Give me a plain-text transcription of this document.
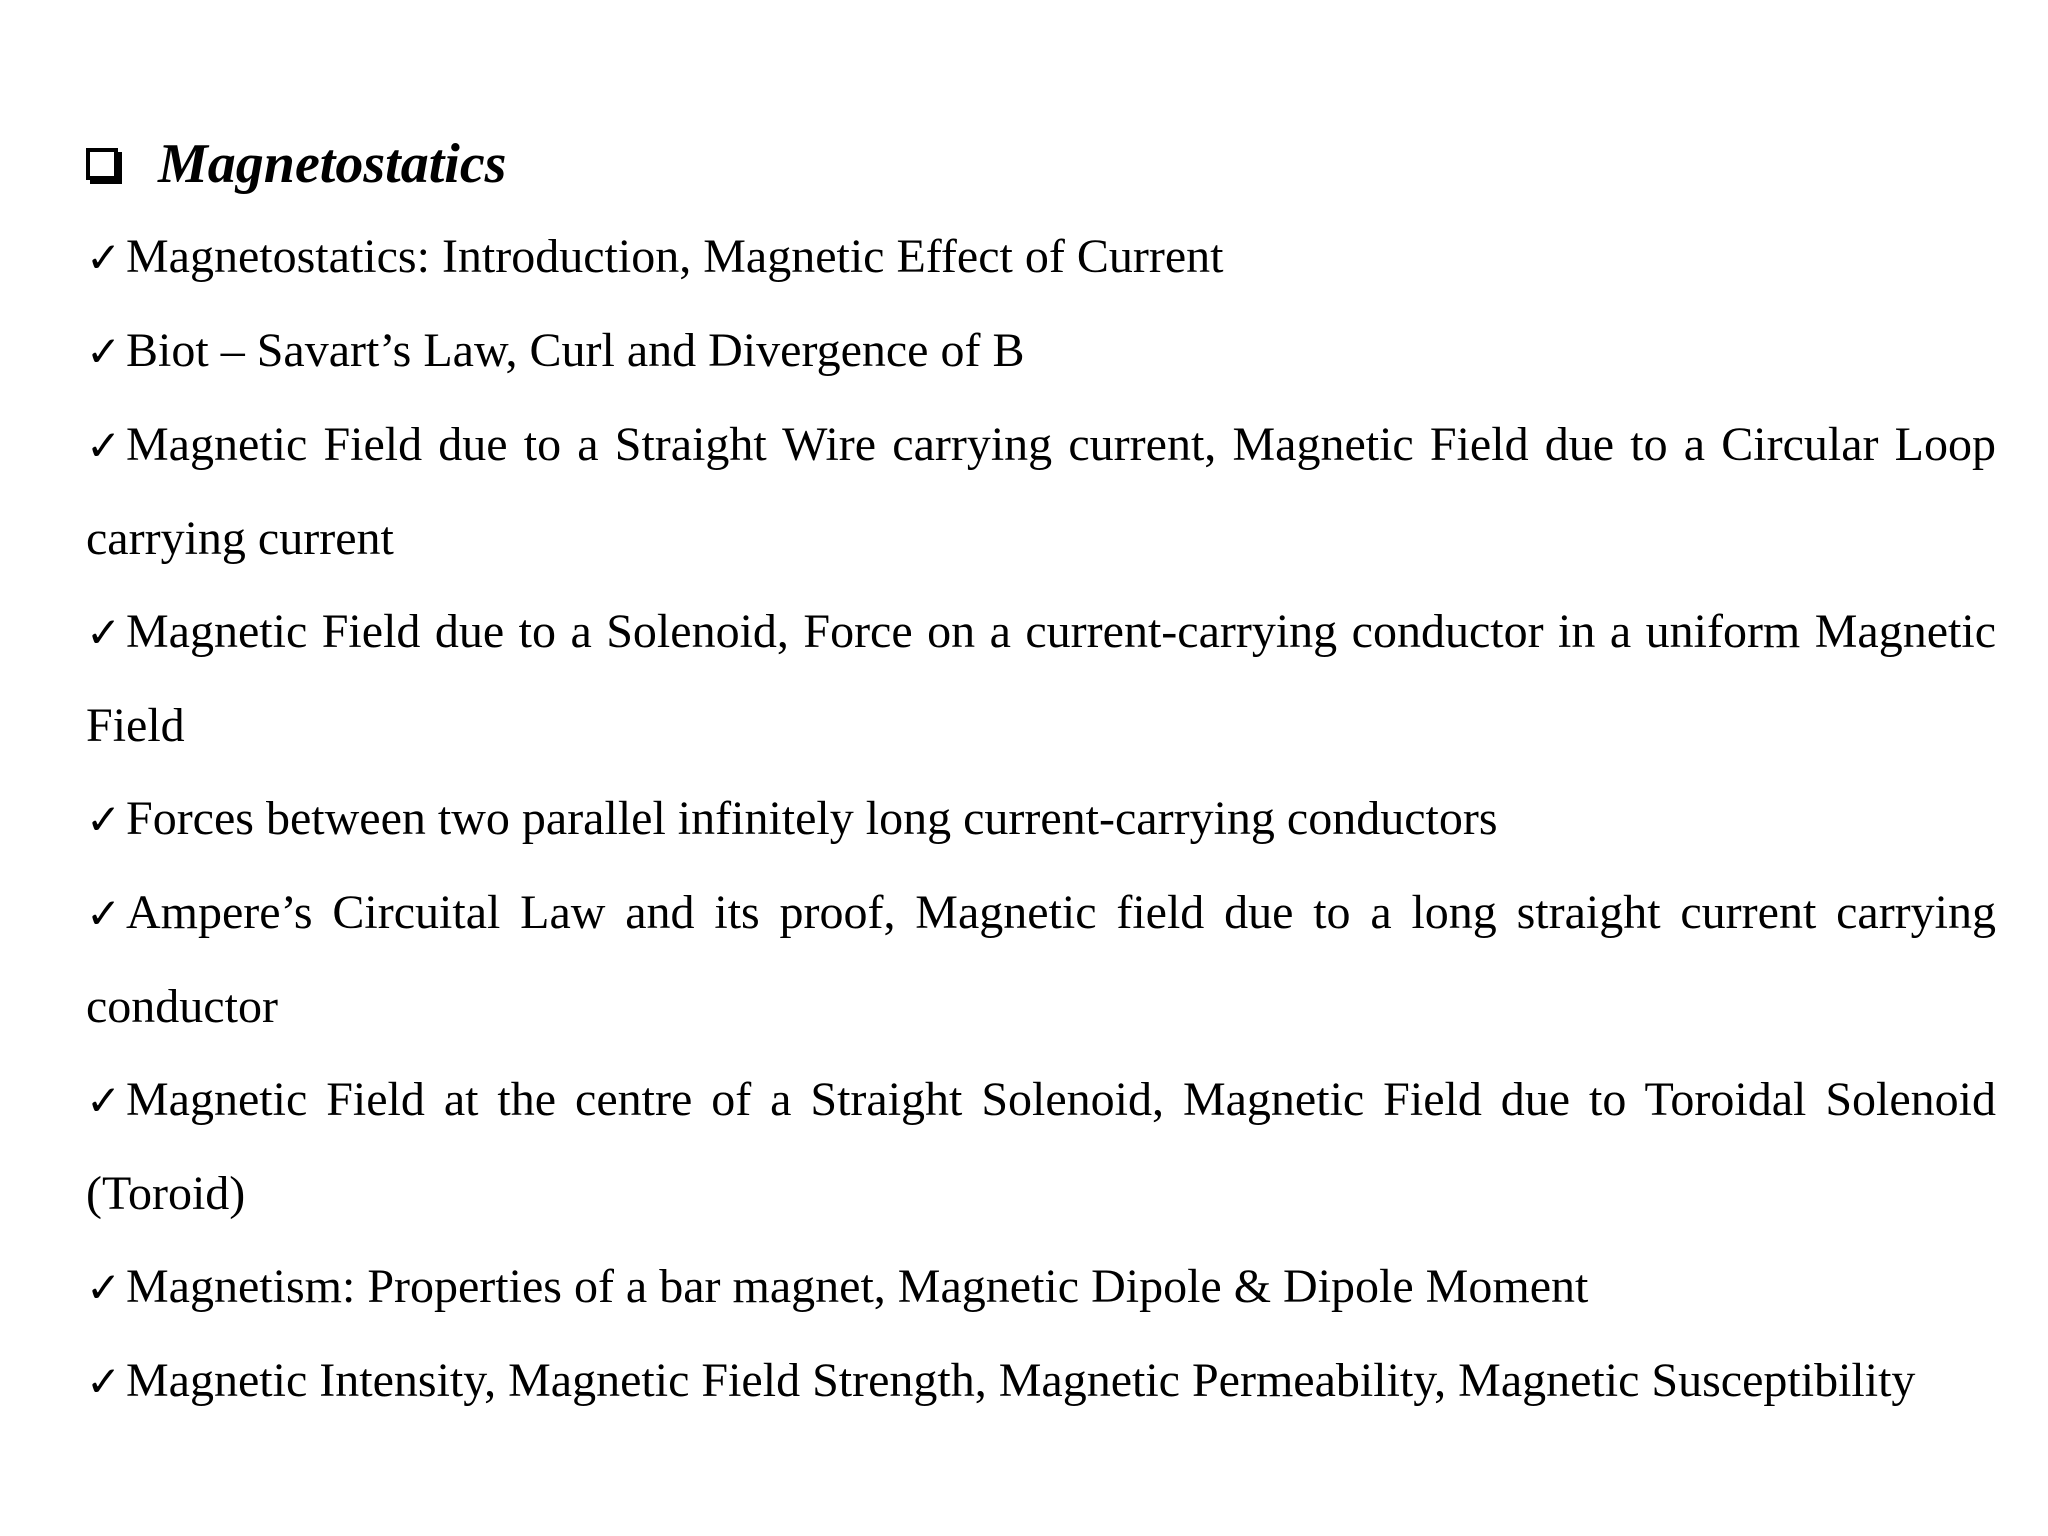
Magnetostatics
✓Magnetostatics: Introduction, Magnetic Effect of Current
✓Biot – Savart’s Law, Curl and Divergence of B
✓Magnetic Field due to a Straight Wire carrying current, Magnetic Field due to a Circular Loop carrying current
✓Magnetic Field due to a Solenoid, Force on a current-carrying conductor in a uniform Magnetic Field
✓Forces between two parallel infinitely long current-carrying conductors
✓Ampere’s Circuital Law and its proof, Magnetic field due to a long straight current carrying conductor
✓Magnetic Field at the centre of a Straight Solenoid, Magnetic Field due to Toroidal Solenoid (Toroid)
✓Magnetism: Properties of a bar magnet, Magnetic Dipole & Dipole Moment
✓Magnetic Intensity, Magnetic Field Strength, Magnetic Permeability, Magnetic Susceptibility
